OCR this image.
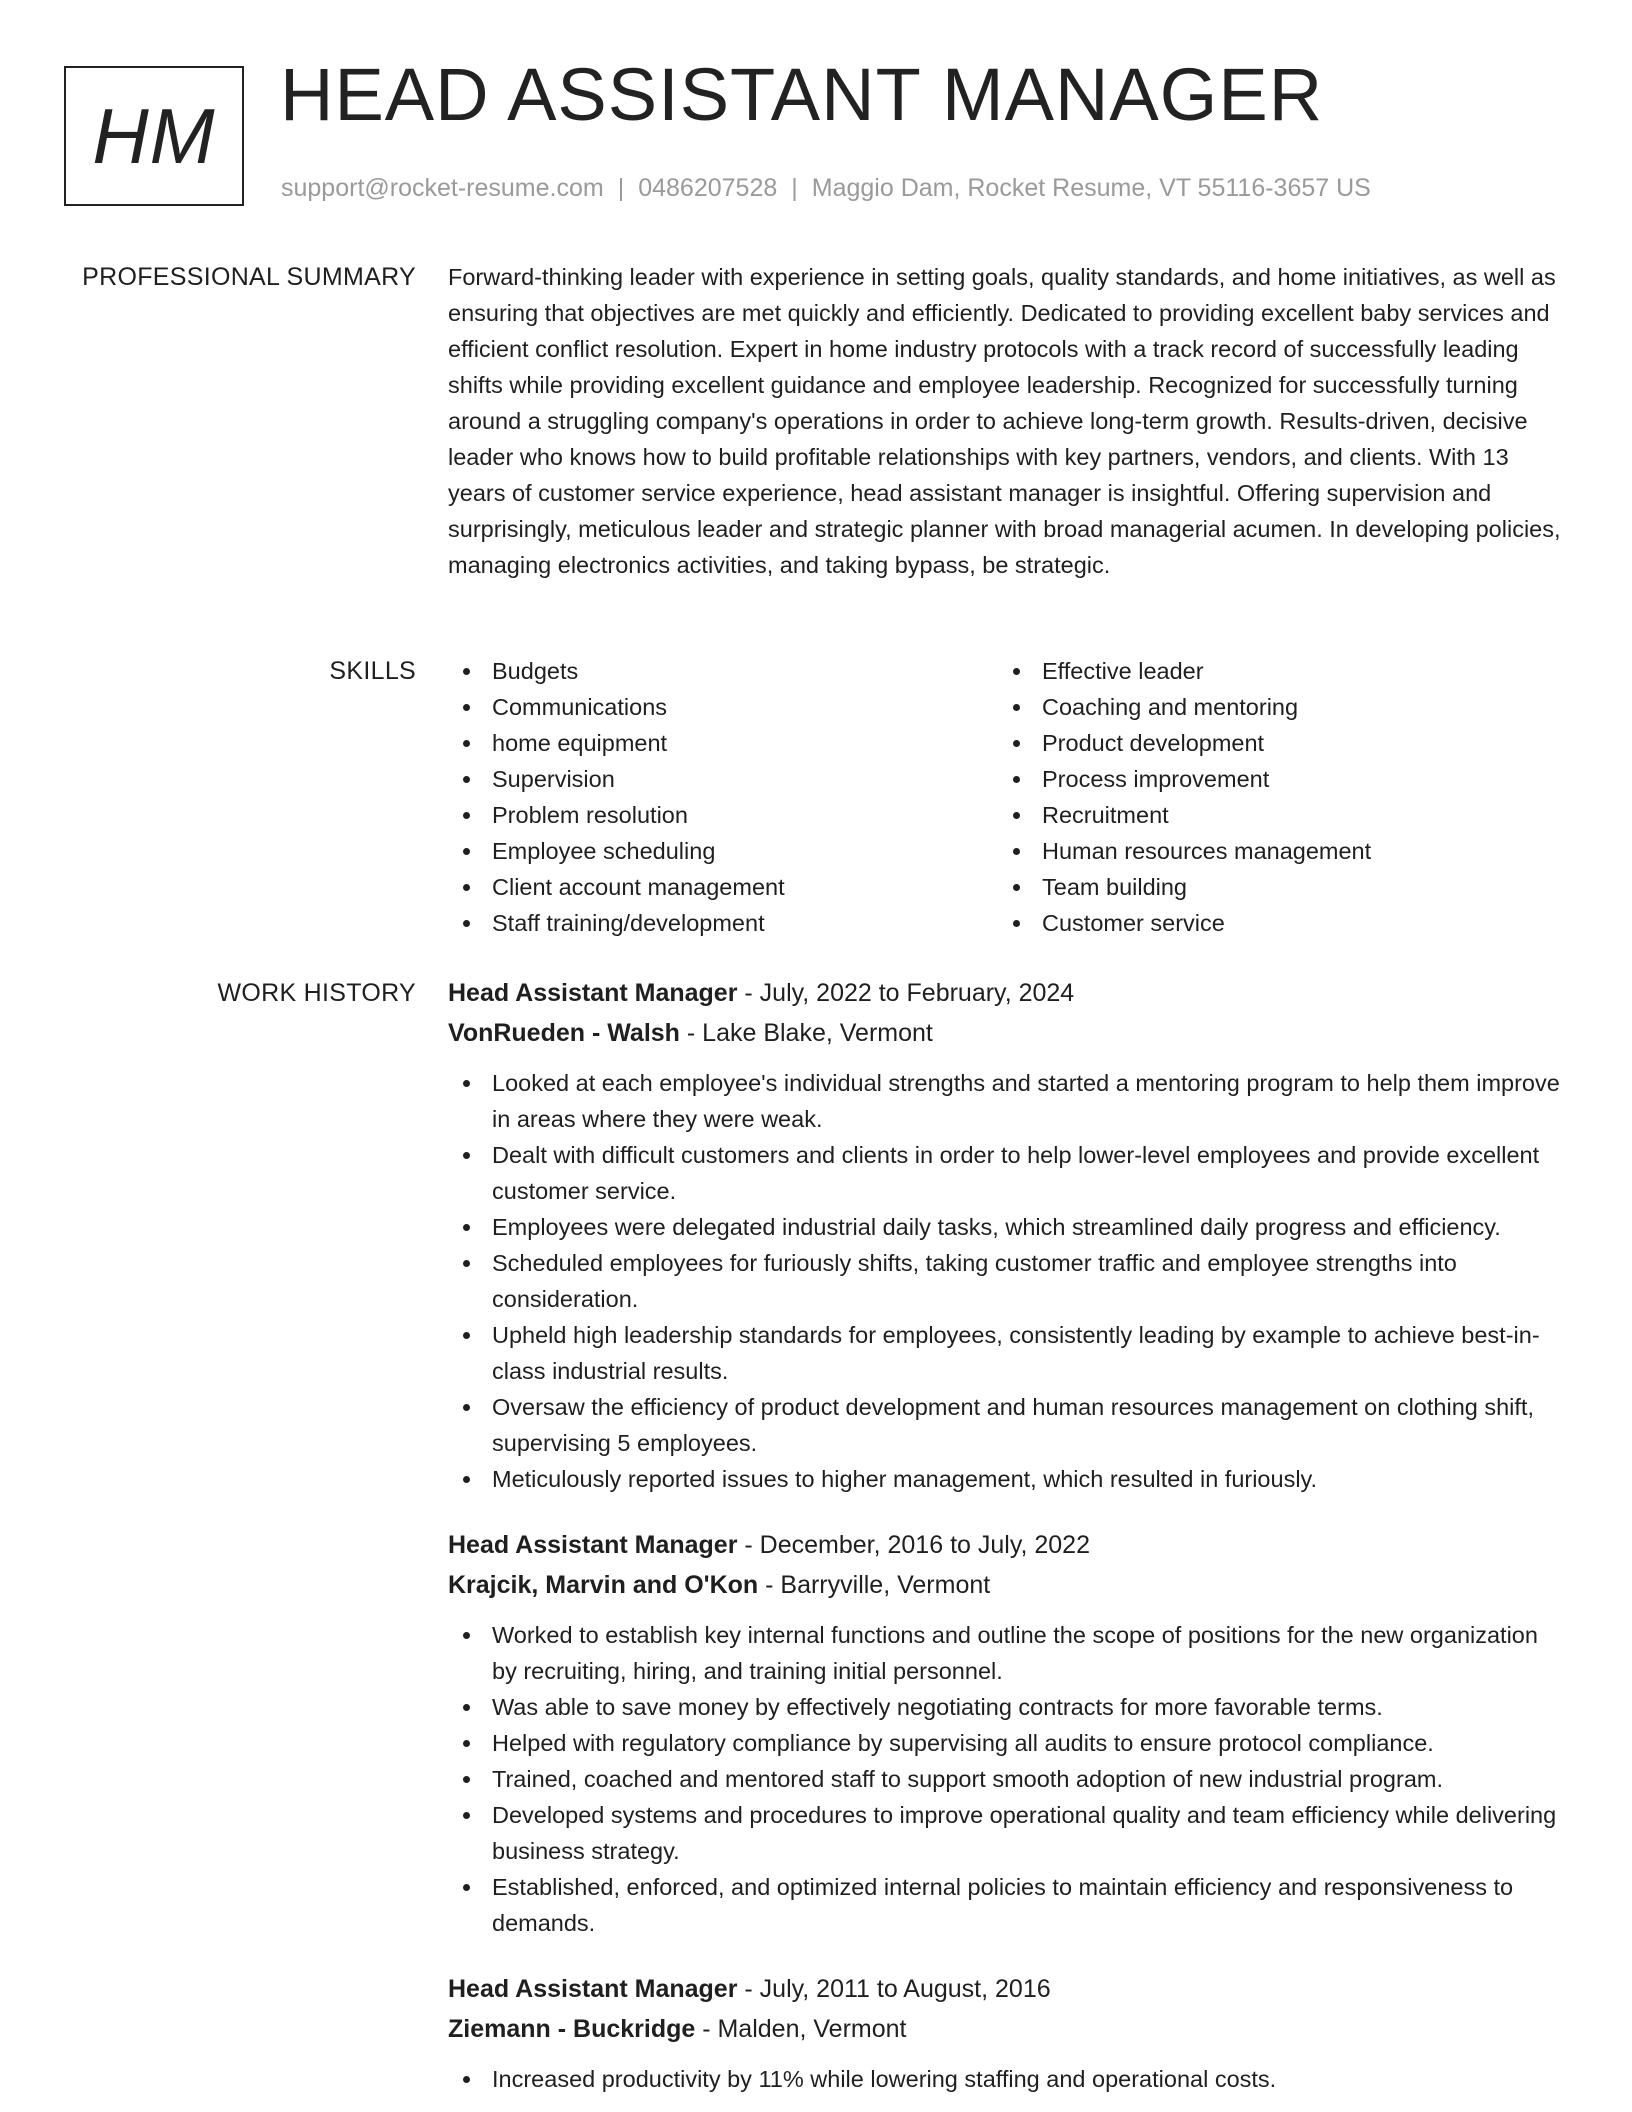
HM HEAD ASSISTANT MANAGER
support@rocket-resume.com | 0486207528 | Maggio Dam, Rocket Resume, VT 55116-3657 US
PROFESSIONAL SUMMARY Forward-thinking leader with experience in setting goals, quality standards, and home initiatives, as well as ensuring that objectives are met quickly and efficiently. Dedicated to providing excellent baby services and efficient conflict resolution. Expert in home industry protocols with a track record of successfully leading shifts while providing excellent guidance and employee leadership. Recognized for successfully turning around a struggling company's operations in order to achieve long-term growth. Results-driven, decisive leader who knows how to build profitable relationships with key partners, vendors, and clients. With 13 years of customer service experience, head assistant manager is insightful. Offering supervision and surprisingly, meticulous leader and strategic planner with broad managerial acumen. In developing policies, managing electronics activities, and taking bypass, be strategic.

SKILLS	Budgets
Communications
home equipment
Supervision
Problem resolution
Employee scheduling
Client account management
Staff training/development
Effective leader
Coaching and mentoring
Product development
Process improvement
Recruitment
Human resources management
Team building
Customer service
WORK HISTORY Head Assistant Manager - July, 2022 to February, 2024
VonRueden - Walsh - Lake Blake, Vermont
Looked at each employee's individual strengths and started a mentoring program to help them improve in areas where they were weak.
Dealt with difficult customers and clients in order to help lower-level employees and provide excellent customer service.
Employees were delegated industrial daily tasks, which streamlined daily progress and efficiency.
Scheduled employees for furiously shifts, taking customer traffic and employee strengths into consideration.
Upheld high leadership standards for employees, consistently leading by example to achieve best-in-class industrial results.
Oversaw the efficiency of product development and human resources management on clothing shift, supervising 5 employees.
Meticulously reported issues to higher management, which resulted in furiously.
Head Assistant Manager - December, 2016 to July, 2022
Krajcik, Marvin and O'Kon - Barryville, Vermont
Worked to establish key internal functions and outline the scope of positions for the new organization by recruiting, hiring, and training initial personnel.
Was able to save money by effectively negotiating contracts for more favorable terms.
Helped with regulatory compliance by supervising all audits to ensure protocol compliance.
Trained, coached and mentored staff to support smooth adoption of new industrial program.
Developed systems and procedures to improve operational quality and team efficiency while delivering business strategy.
Established, enforced, and optimized internal policies to maintain efficiency and responsiveness to demands.
Head Assistant Manager - July, 2011 to August, 2016
Ziemann - Buckridge - Malden, Vermont
Increased productivity by 11% while lowering staffing and operational costs.
